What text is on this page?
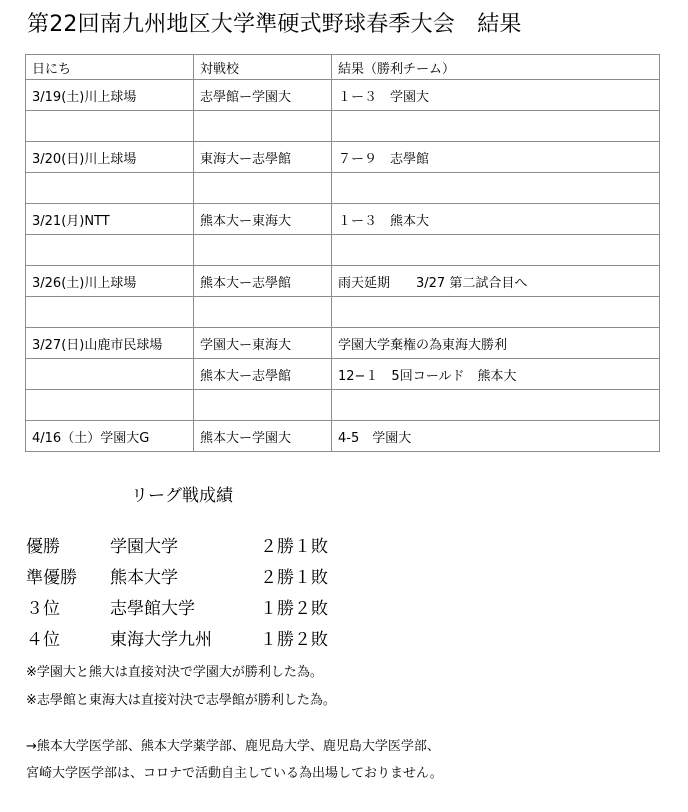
第22回南九州地区大学準硬式野球春季大会　結果
日にち	対戦校	結果（勝利チーム）
3/19(土)川上球場	志學館ー学園大	１ー３　学園大

3/20(日)川上球場	東海大ー志學館	７ー９　志學館

3/21(月)NTT	熊本大ー東海大	１ー３　熊本大

3/26(土)川上球場	熊本大ー志學館	雨天延期　　3/27 第二試合目へ

3/27(日)山鹿市民球場	学園大ー東海大	学園大学棄権の為東海大勝利
	熊本大ー志學館	12−１　5回コールド　熊本大

4/16（土）学園大G	熊本大ー学園大	4-5　学園大
リーグ戦成績
優勝	学園大学	２勝１敗
準優勝 熊本大学	２勝１敗
３位	志學館大学	１勝２敗
４位	東海大学九州	１勝２敗
※学園大と熊大は直接対決で学園大が勝利した為。
※志學館と東海大は直接対決で志學館が勝利した為。
→熊本大学医学部、熊本大学薬学部、鹿児島大学、鹿児島大学医学部、
宮崎大学医学部は、コロナで活動自主している為出場しておりません。
